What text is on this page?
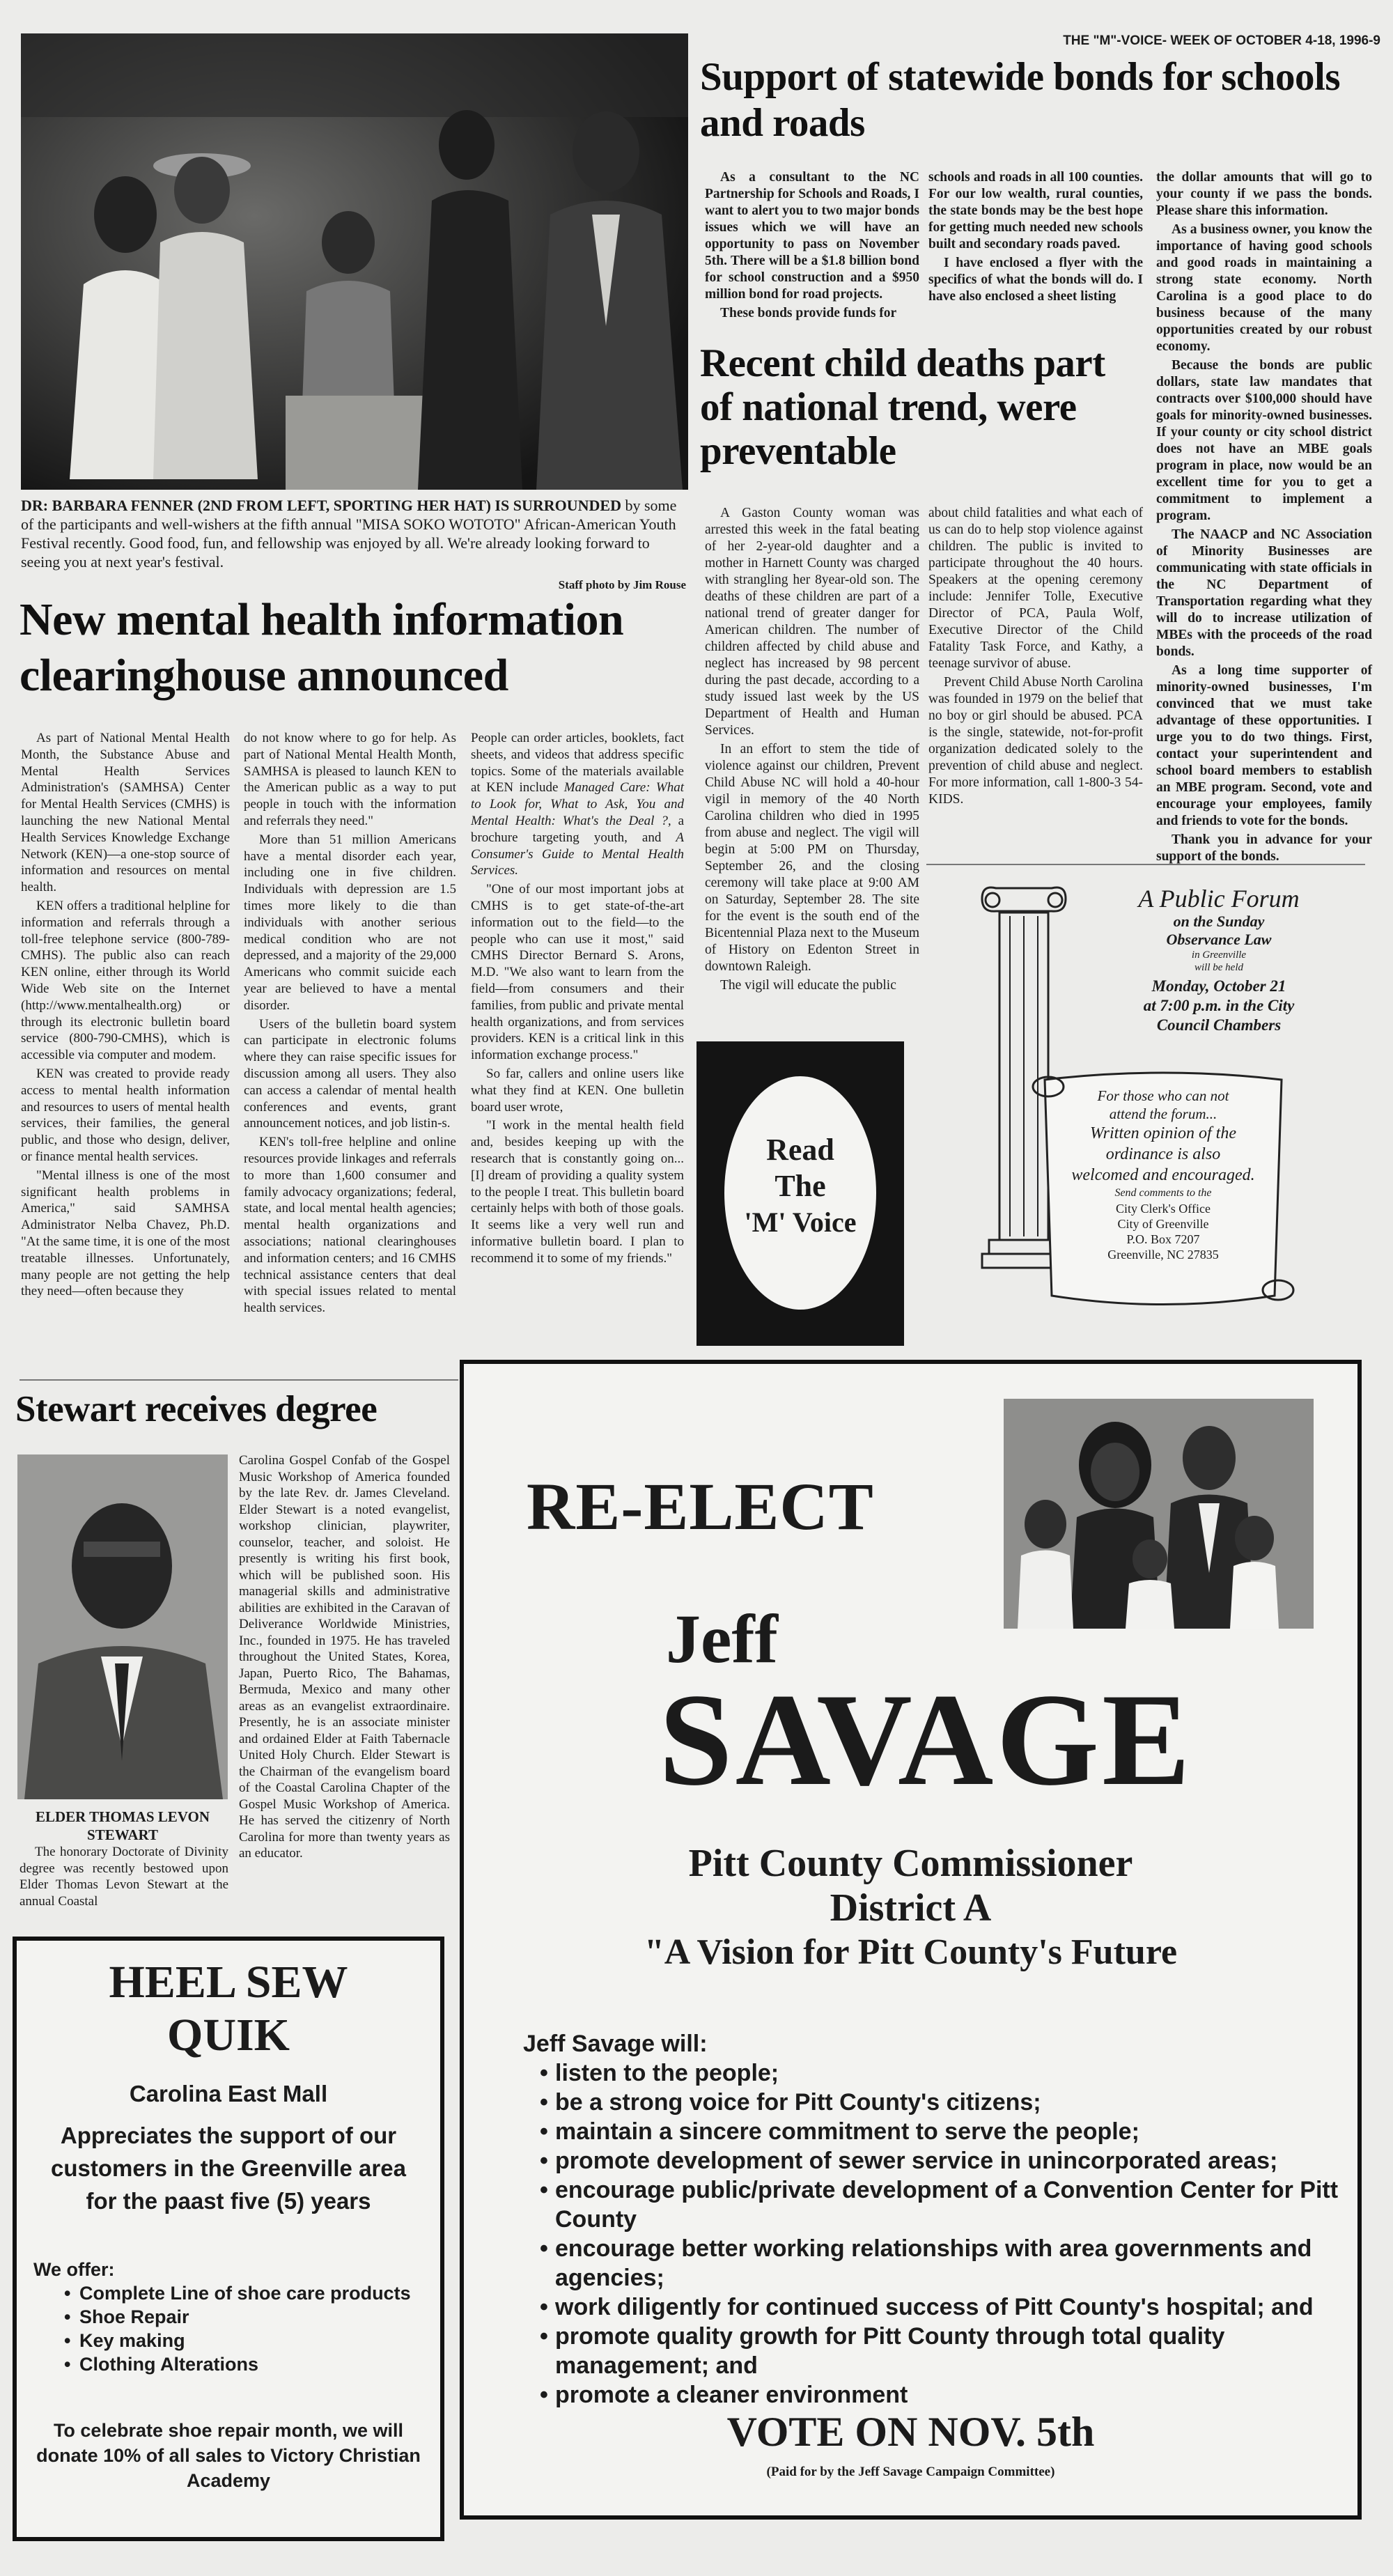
THE "M"-VOICE- WEEK OF OCTOBER 4-18, 1996-9
DR: BARBARA FENNER (2ND FROM LEFT, SPORTING HER HAT) IS SURROUNDED by some of the participants and well-wishers at the fifth annual "MISA SOKO WOTOTO" African-American Youth Festival recently. Good food, fun, and fellowship was enjoyed by all. We're already looking forward to seeing you at next year's festival.
Staff photo by Jim Rouse
Support of statewide bonds for schools and roads

As a consultant to the NC Partnership for Schools and Roads, I want to alert you to two major bonds issues which we will have an opportunity to pass on November 5th. There will be a $1.8 billion bond for school construction and a $950 million bond for road projects.

These bonds provide funds for

schools and roads in all 100 counties. For our low wealth, rural counties, the state bonds may be the best hope for getting much needed new schools built and secondary roads paved.

I have enclosed a flyer with the specifics of what the bonds will do. I have also enclosed a sheet listing

the dollar amounts that will go to your county if we pass the bonds. Please share this information.

As a business owner, you know the importance of having good schools and good roads in maintaining a strong state economy. North Carolina is a good place to do business because of the many opportunities created by our robust economy.

Because the bonds are public dollars, state law mandates that contracts over $100,000 should have goals for minority-owned businesses. If your county or city school district does not have an MBE goals program in place, now would be an excellent time for you to get a commitment to implement a program.

The NAACP and NC Association of Minority Businesses are communicating with state officials in the NC Department of Transportation regarding what they will do to increase utilization of MBEs with the proceeds of the road bonds.

As a long time supporter of minority-owned businesses, I'm convinced that we must take advantage of these opportunities. I urge you to do two things. First, contact your superintendent and school board members to establish an MBE program. Second, vote and encourage your employees, family and friends to vote for the bonds.

Thank you in advance for your support of the bonds.

Recent child deaths part of national trend, were preventable

A Gaston County woman was arrested this week in the fatal beating of her 2-year-old daughter and a mother in Harnett County was charged with strangling her 8year-old son. The deaths of these children are part of a national trend of greater danger for American children. The number of children affected by child abuse and neglect has increased by 98 percent during the past decade, according to a study issued last week by the US Department of Health and Human Services.

In an effort to stem the tide of violence against our children, Prevent Child Abuse NC will hold a 40-hour vigil in memory of the 40 North Carolina children who died in 1995 from abuse and neglect. The vigil will begin at 5:00 PM on Thursday, September 26, and the closing ceremony will take place at 9:00 AM on Saturday, September 28. The site for the event is the south end of the Bicentennial Plaza next to the Museum of History on Edenton Street in downtown Raleigh.

The vigil will educate the public

about child fatalities and what each of us can do to help stop violence against children. The public is invited to participate throughout the 40 hours. Speakers at the opening ceremony include: Jennifer Tolle, Executive Director of PCA, Paula Wolf, Executive Director of the Child Fatality Task Force, and Kathy, a teenage survivor of abuse.

Prevent Child Abuse North Carolina was founded in 1979 on the belief that no boy or girl should be abused. PCA is the single, statewide, not-for-profit organization dedicated solely to the prevention of child abuse and neglect. For more information, call 1-800-3 54-KIDS.

Read
The
'M' Voice
A Public Forum
on the Sunday
Observance Law
in Greenville
will be held
Monday, October 21
at 7:00 p.m. in the City
Council Chambers
For those who can not
attend the forum...
Written opinion of the
ordinance is also
welcomed and encouraged.
Send comments to the
City Clerk's Office
City of Greenville
P.O. Box 7207
Greenville, NC 27835
New mental health information clearinghouse announced

As part of National Mental Health Month, the Substance Abuse and Mental Health Services Administration's (SAMHSA) Center for Mental Health Services (CMHS) is launching the new National Mental Health Services Knowledge Exchange Network (KEN)—a one-stop source of information and resources on mental health.

KEN offers a traditional helpline for information and referrals through a toll-free telephone service (800-789-CMHS). The public also can reach KEN online, either through its World Wide Web site on the Internet (http://www.mentalhealth.org) or through its electronic bulletin board service (800-790-CMHS), which is accessible via computer and modem.

KEN was created to provide ready access to mental health information and resources to users of mental health services, their families, the general public, and those who design, deliver, or finance mental health services.

"Mental illness is one of the most significant health problems in America," said SAMHSA Administrator Nelba Chavez, Ph.D. "At the same time, it is one of the most treatable illnesses. Unfortunately, many people are not getting the help they need—often because they

do not know where to go for help. As part of National Mental Health Month, SAMHSA is pleased to launch KEN to the American public as a way to put people in touch with the information and referrals they need."

More than 51 million Americans have a mental disorder each year, including one in five children. Individuals with depression are 1.5 times more likely to die than individuals with another serious medical condition who are not depressed, and a majority of the 29,000 Americans who commit suicide each year are believed to have a mental disorder.

Users of the bulletin board system can participate in electronic folums where they can raise specific issues for discussion among all users. They also can access a calendar of mental health conferences and events, grant announcement notices, and job listin-s.

KEN's toll-free helpline and online resources provide linkages and referrals to more than 1,600 consumer and family advocacy organizations; federal, state, and local mental health agencies; mental health organizations and associations; national clearinghouses and information centers; and 16 CMHS technical assistance centers that deal with special issues related to mental health services.

People can order articles, booklets, fact sheets, and videos that address specific topics. Some of the materials available at KEN include Managed Care: What to Look for, What to Ask, You and Mental Health: What's the Deal ?, a brochure targeting youth, and A Consumer's Guide to Mental Health Services.

"One of our most important jobs at CMHS is to get state-of-the-art information out to the field—to the people who can use it most," said CMHS Director Bernard S. Arons, M.D. "We also want to learn from the field—from consumers and their families, from public and private mental health organizations, and from services providers. KEN is a critical link in this information exchange process."

So far, callers and online users like what they find at KEN. One bulletin board user wrote,

"I work in the mental health field and, besides keeping up with the research that is constantly going on... [I] dream of providing a quality system to the people I treat. This bulletin board certainly helps with both of those goals. It seems like a very well run and informative bulletin board. I plan to recommend it to some of my friends."

Stewart receives degree
ELDER THOMAS LEVON STEWART

The honorary Doctorate of Divinity degree was recently bestowed upon Elder Thomas Levon Stewart at the annual Coastal

Carolina Gospel Confab of the Gospel Music Workshop of America founded by the late Rev. dr. James Cleveland. Elder Stewart is a noted evangelist, workshop clinician, playwriter, counselor, teacher, and soloist. He presently is writing his first book, which will be published soon. His managerial skills and administrative abilities are exhibited in the Caravan of Deliverance Worldwide Ministries, Inc., founded in 1975. He has traveled throughout the United States, Korea, Japan, Puerto Rico, The Bahamas, Bermuda, Mexico and many other areas as an evangelist extraordinaire. Presently, he is an associate minister and ordained Elder at Faith Tabernacle United Holy Church. Elder Stewart is the Chairman of the evangelism board of the Coastal Carolina Chapter of the Gospel Music Workshop of America. He has served the citizenry of North Carolina for more than twenty years as an educator.

HEEL SEW
QUIK
Carolina East Mall
Appreciates the support of our customers in the Greenville area for the paast five (5) years
We offer:
• Complete Line of shoe care products
• Shoe Repair
• Key making
• Clothing Alterations
To celebrate shoe repair month, we will donate 10% of all sales to Victory Christian Academy
RE-ELECT
Jeff
SAVAGE
Pitt County Commissioner
District A
"A Vision for Pitt County's Future
Jeff Savage will:
• listen to the people;
• be a strong voice for Pitt County's citizens;
• maintain a sincere commitment to serve the people;
• promote development of sewer service in unincorporated areas;
• encourage public/private development of a Convention Center for Pitt County
• encourage better working relationships with area governments and agencies;
• work diligently for continued success of Pitt County's hospital; and
• promote quality growth for Pitt County through total quality management; and
• promote a cleaner environment
VOTE ON NOV. 5th
(Paid for by the Jeff Savage Campaign Committee)
